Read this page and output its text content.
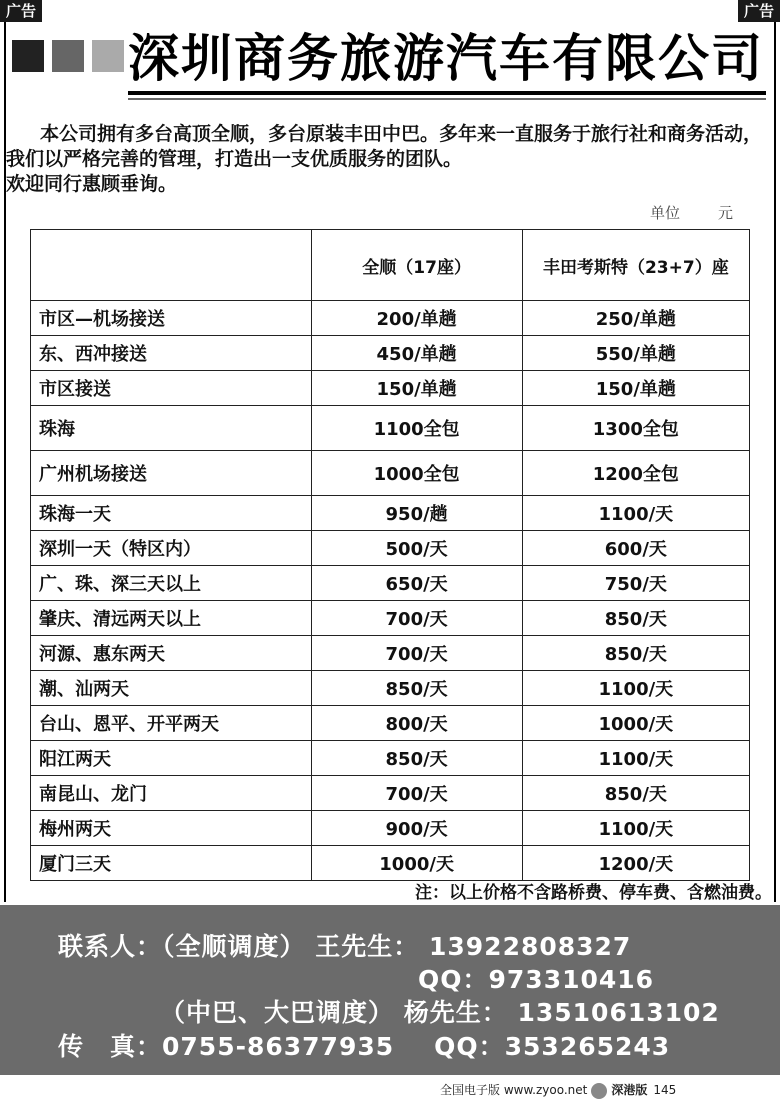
广告	广告
深圳商务旅游汽车有限公司

本公司拥有多台高顶全顺，多台原装丰田中巴。多年来一直服务于旅行社和商务活动，我们以严格完善的管理，打造出一支优质服务的团队。

欢迎同行惠顾垂询。

单位	元
	全顺（17座）	丰田考斯特（23+7）座
市区—机场接送	200/单趟	250/单趟
东、西冲接送	450/单趟	550/单趟
市区接送	150/单趟	150/单趟
珠海	1100全包	1300全包
广州机场接送	1000全包	1200全包
珠海一天	950/趟	1100/天
深圳一天（特区内）	500/天	600/天
广、珠、深三天以上	650/天	750/天
肇庆、清远两天以上	700/天	850/天
河源、惠东两天	700/天	850/天
潮、汕两天	850/天	1100/天
台山、恩平、开平两天	800/天	1000/天
阳江两天	850/天	1100/天
南昆山、龙门	700/天	850/天
梅州两天	900/天	1100/天
厦门三天	1000/天	1200/天
注：以上价格不含路桥费、停车费、含燃油费。
联系人：（全顺调度） 王先生： 13922808327
QQ：973310416
（中巴、大巴调度） 杨先生： 13510613102
传　真：0755-86377935 QQ：353265243
全国电子版 www.zyoo.net 深港版 145
